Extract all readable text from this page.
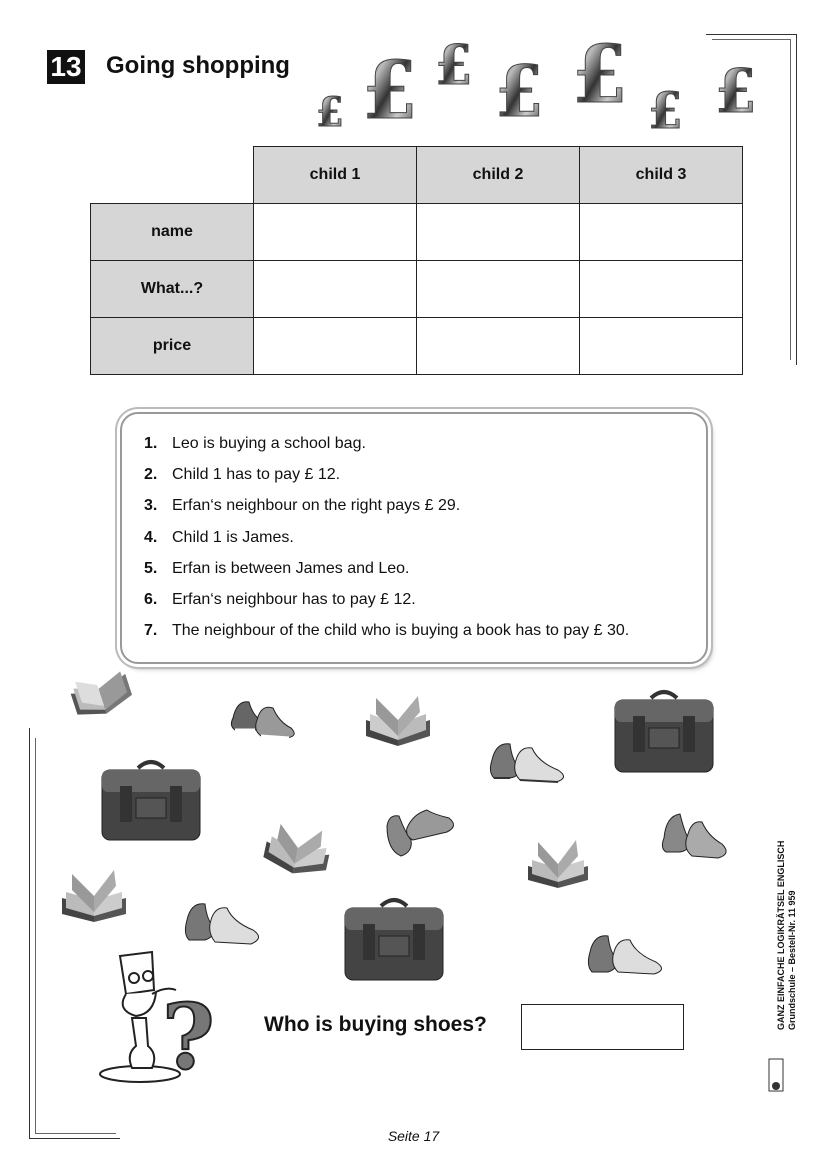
13 Going shopping
£ £ £ £ £ £ £
	child 1	child 2	child 3
name			
What...?			
price			
1. Leo is buying a school bag.
2. Child 1 has to pay £ 12.
3. Erfan‘s neighbour on the right pays £ 29.
4. Child 1 is James.
5. Erfan is between James and Leo.
6. Erfan‘s neighbour has to pay £ 12.
7. The neighbour of the child who is buying a book has to pay £ 30.
? Who is buying shoes?	GANZ EINFACHE LOGIKRÄTSEL ENGLISCH Grundschule – Bestell-Nr. 11 959
Seite 17
